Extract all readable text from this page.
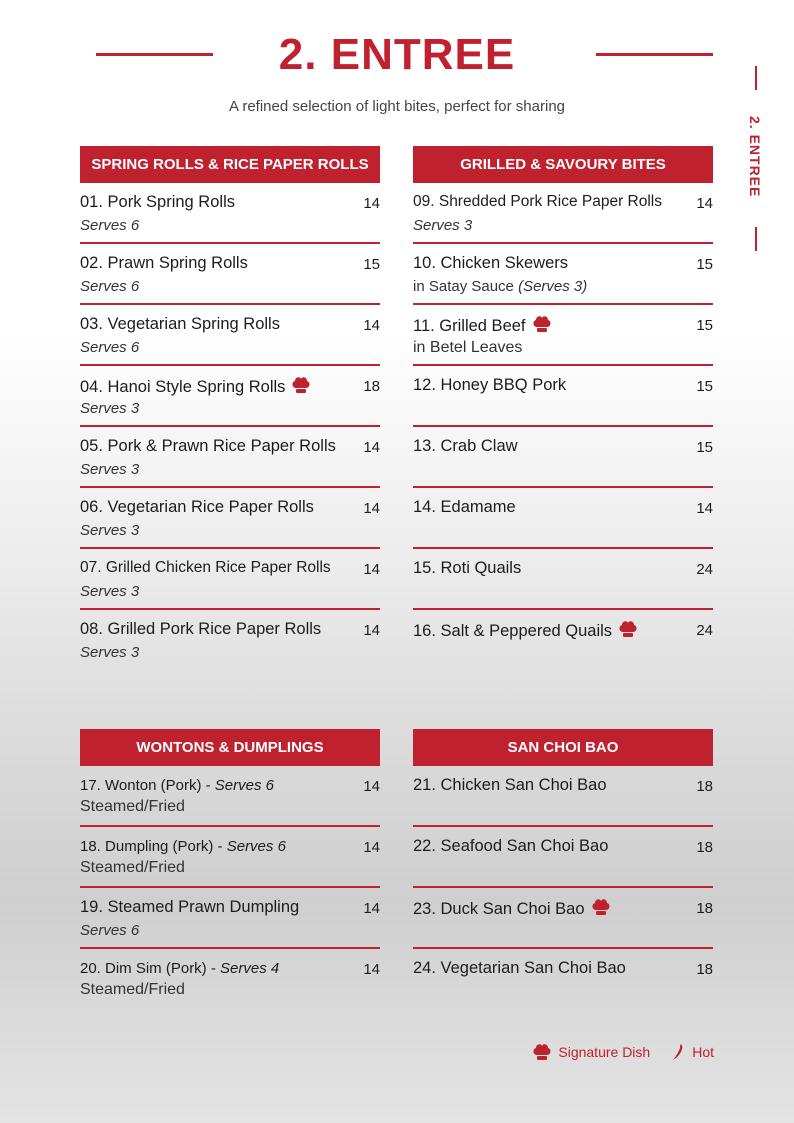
2. ENTREE
A refined selection of light bites, perfect for sharing
2. ENTREE
SPRING ROLLS & RICE PAPER ROLLS
01. Pork Spring Rolls
Serves 6
14
02. Prawn Spring Rolls
Serves 6
15
03. Vegetarian Spring Rolls
Serves 6
14
04. Hanoi Style Spring Rolls
Serves 3
18
05. Pork & Prawn Rice Paper Rolls
Serves 3
14
06. Vegetarian Rice Paper Rolls
Serves 3
14
07. Grilled Chicken Rice Paper Rolls
Serves 3
14
08. Grilled Pork Rice Paper Rolls
Serves 3
14
GRILLED & SAVOURY BITES
09. Shredded Pork Rice Paper Rolls
Serves 3
14
10. Chicken Skewers
in Satay Sauce (Serves 3)
15
11. Grilled Beef
in Betel Leaves
15
12. Honey BBQ Pork	15
13. Crab Claw	15
14. Edamame	14
15. Roti Quails	24
16. Salt & Peppered Quails	24
WONTONS & DUMPLINGS
17. Wonton (Pork) - Serves 6
Steamed/Fried
14
18. Dumpling (Pork) - Serves 6
Steamed/Fried
14
19. Steamed Prawn Dumpling
Serves 6
14
20. Dim Sim (Pork) - Serves 4
Steamed/Fried
14
SAN CHOI BAO
21. Chicken San Choi Bao	18
22. Seafood San Choi Bao	18
23. Duck San Choi Bao	18
24. Vegetarian San Choi Bao	18
Signature Dish	Hot
